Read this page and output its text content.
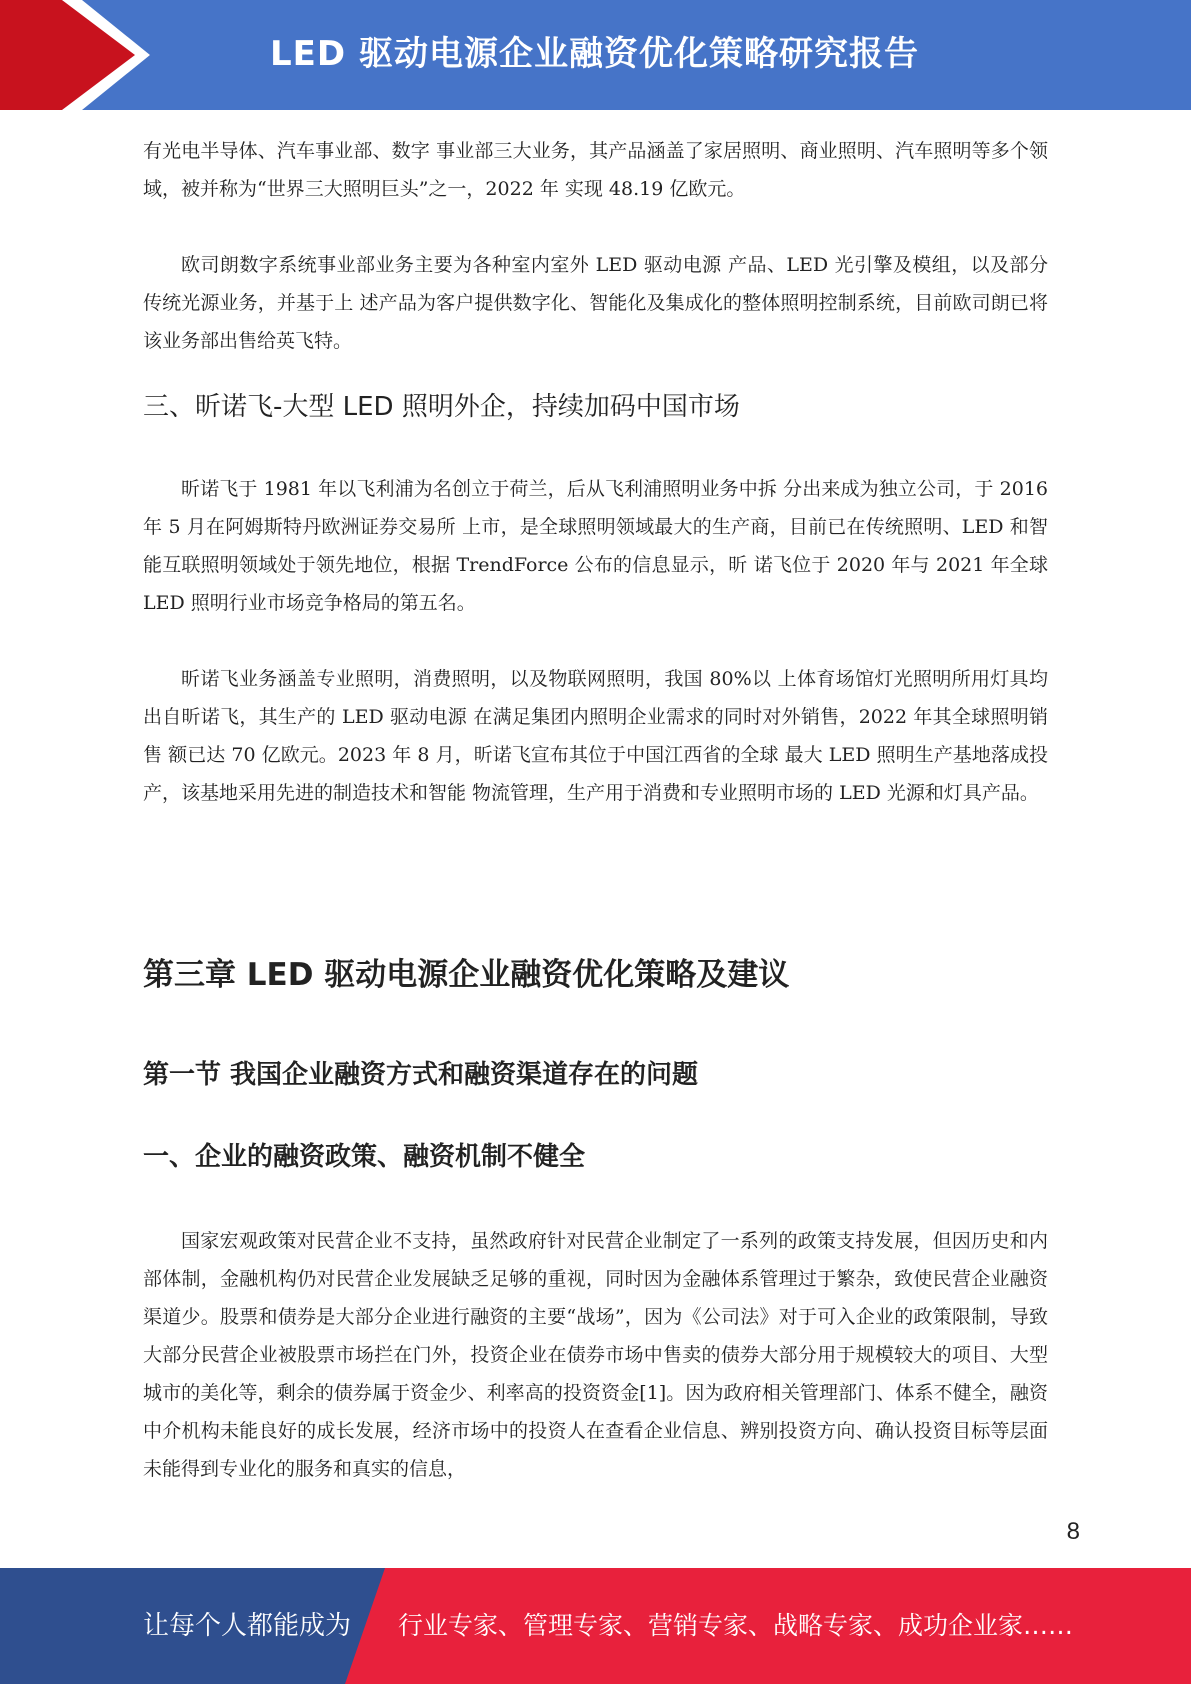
LED 驱动电源企业融资优化策略研究报告

有光电半导体、汽车事业部、数字 事业部三大业务，其产品涵盖了家居照明、商业照明、汽车照明等多个领域，被并称为“世界三大照明巨头”之一，2022 年 实现 48.19 亿欧元。

欧司朗数字系统事业部业务主要为各种室内室外 LED 驱动电源 产品、LED 光引擎及模组，以及部分传统光源业务，并基于上 述产品为客户提供数字化、智能化及集成化的整体照明控制系统，目前欧司朗已将该业务部出售给英飞特。

三、昕诺飞-大型 LED 照明外企，持续加码中国市场

昕诺飞于 1981 年以飞利浦为名创立于荷兰，后从飞利浦照明业务中拆 分出来成为独立公司，于 2016 年 5 月在阿姆斯特丹欧洲证券交易所 上市，是全球照明领域最大的生产商，目前已在传统照明、LED 和智 能互联照明领域处于领先地位，根据 TrendForce 公布的信息显示，昕 诺飞位于 2020 年与 2021 年全球 LED 照明行业市场竞争格局的第五名。

昕诺飞业务涵盖专业照明，消费照明，以及物联网照明，我国 80%以 上体育场馆灯光照明所用灯具均出自昕诺飞，其生产的 LED 驱动电源 在满足集团内照明企业需求的同时对外销售，2022 年其全球照明销售 额已达 70 亿欧元。2023 年 8 月，昕诺飞宣布其位于中国江西省的全球 最大 LED 照明生产基地落成投产，该基地采用先进的制造技术和智能 物流管理，生产用于消费和专业照明市场的 LED 光源和灯具产品。

第三章 LED 驱动电源企业融资优化策略及建议
第一节 我国企业融资方式和融资渠道存在的问题
一、企业的融资政策、融资机制不健全

国家宏观政策对民营企业不支持，虽然政府针对民营企业制定了一系列的政策支持发展，但因历史和内部体制，金融机构仍对民营企业发展缺乏足够的重视，同时因为金融体系管理过于繁杂，致使民营企业融资渠道少。股票和债券是大部分企业进行融资的主要“战场”，因为《公司法》对于可入企业的政策限制，导致大部分民营企业被股票市场拦在门外，投资企业在债券市场中售卖的债券大部分用于规模较大的项目、大型城市的美化等，剩余的债券属于资金少、利率高的投资资金[1]。因为政府相关管理部门、体系不健全，融资中介机构未能良好的成长发展，经济市场中的投资人在查看企业信息、辨别投资方向、确认投资目标等层面未能得到专业化的服务和真实的信息，

8
让每个人都能成为 行业专家、管理专家、营销专家、战略专家、成功企业家……
